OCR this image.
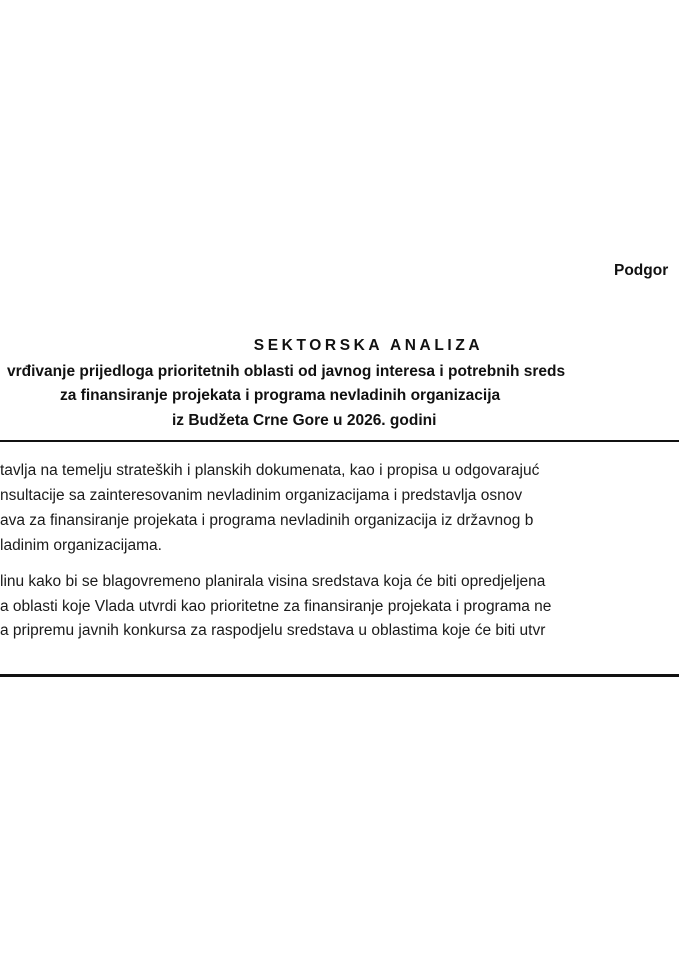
Podgor
SEKTORSKA ANALIZA
vrđivanje prijedloga prioritetnih oblasti od javnog interesa i potrebnih sreds
za finansiranje projekata i programa nevladinih organizacija
iz Budžeta Crne Gore u 2026. godini
tavlja na temelju strateških i planskih dokumenata, kao i propisa u odgovarajuć
nsultacije sa zainteresovanim nevladinim organizacijama i predstavlja osnov
ava za finansiranje projekata i programa nevladinih organizacija iz državnog b
ladinim organizacijama.
linu kako bi se blagovremeno planirala visina sredstava koja će biti opredjeljena
a oblasti koje Vlada utvrdi kao prioritetne za finansiranje projekata i programa ne
a pripremu javnih konkursa za raspodjelu sredstava u oblastima koje će biti utvr
